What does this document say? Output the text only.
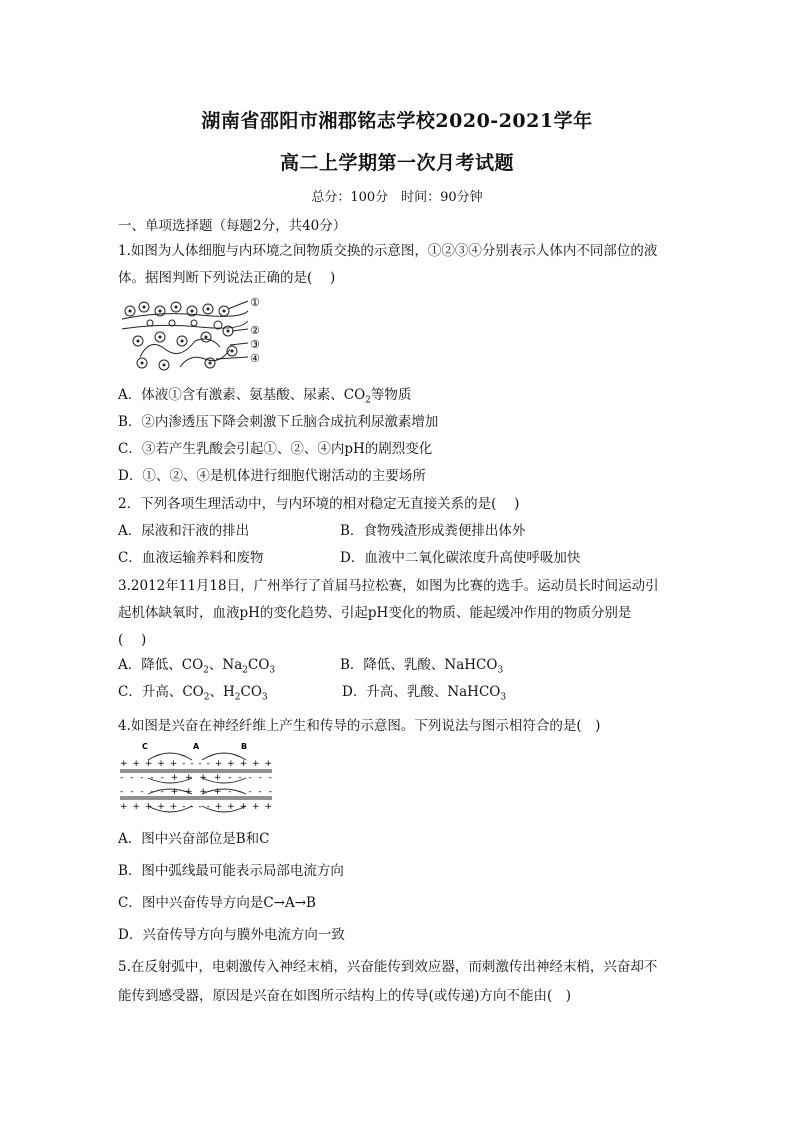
湖南省邵阳市湘郡铭志学校2020-2021学年
高二上学期第一次月考试题
总分：100分　时间：90分钟
一、单项选择题（每题2分，共40分）
1.如图为人体细胞与内环境之间物质交换的示意图，①②③④分别表示人体内不同部位的液
体。据图判断下列说法正确的是(　 )
①
②
③
④
A．体液①含有激素、氨基酸、尿素、$CO_2$等物质
B．②内渗透压下降会刺激下丘脑合成抗利尿激素增加
C．③若产生乳酸会引起①、②、④内pH的剧烈变化
D．①、②、④是机体进行细胞代谢活动的主要场所
2．下列各项生理活动中，与内环境的相对稳定无直接关系的是(　 )
A．尿液和汗液的排出	B．食物残渣形成粪便排出体外
C．血液运输养料和废物	D．血液中二氧化碳浓度升高使呼吸加快
3.2012年11月18日，广州举行了首届马拉松赛，如图为比赛的选手。运动员长时间运动引
起机体缺氧时，血液pH的变化趋势、引起pH变化的物质、能起缓冲作用的物质分别是
(　 )
A．降低、$CO_2$、$Na_2CO_3$	B．降低、乳酸、NaHCO$_3$
C．升高、$CO_2$、$H_2CO_3$	D．升高、乳酸、NaHCO$_3$
4.如图是兴奋在神经纤维上产生和传导的示意图。下列说法与图示相符合的是(　)
C	A	B
+ + + + + - - - - + + + + +
- - - - - + + + + - - - - -
- - - - - + + + + - - - - -
+ + + + + - - - - + + + + +
A．图中兴奋部位是B和C
B．图中弧线最可能表示局部电流方向
C．图中兴奋传导方向是C→A→B
D．兴奋传导方向与膜外电流方向一致
5.在反射弧中，电刺激传入神经末梢，兴奋能传到效应器，而刺激传出神经末梢，兴奋却不
能传到感受器，原因是兴奋在如图所示结构上的传导(或传递)方向不能由(　)
